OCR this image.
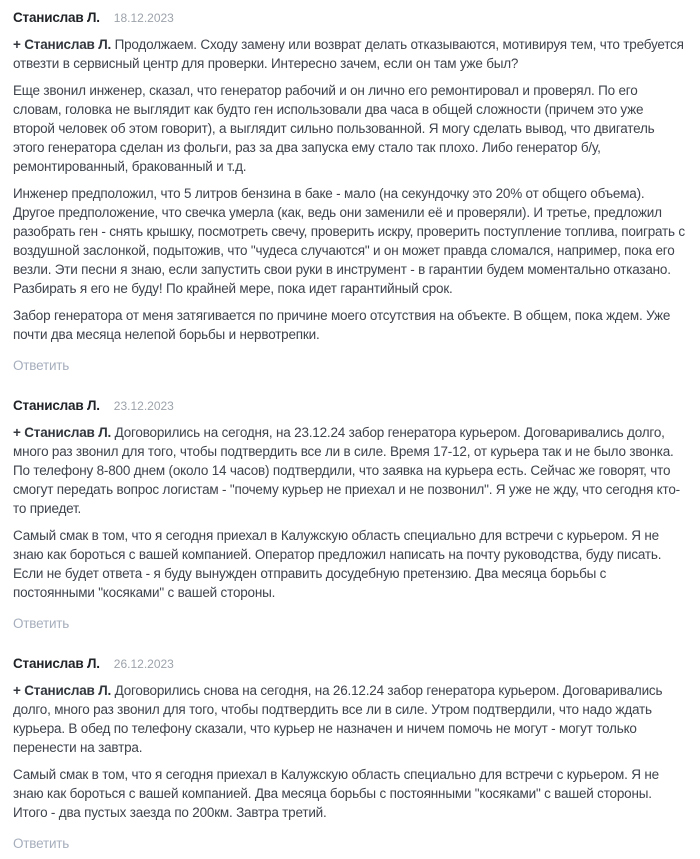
Станислав Л. 18.12.2023

+ Станислав Л. Продолжаем. Сходу замену или возврат делать отказываются, мотивируя тем, что требуется отвезти в сервисный центр для проверки. Интересно зачем, если он там уже был?

Еще звонил инженер, сказал, что генератор рабочий и он лично его ремонтировал и проверял. По его словам, головка не выглядит как будто ген использовали два часа в общей сложности (причем это уже второй человек об этом говорит), а выглядит сильно пользованной. Я могу сделать вывод, что двигатель этого генератора сделан из фольги, раз за два запуска ему стало так плохо. Либо генератор б/у, ремонтированный, бракованный и т.д.

Инженер предположил, что 5 литров бензина в баке - мало (на секундочку это 20% от общего объема). Другое предположение, что свечка умерла (как, ведь они заменили её и проверяли). И третье, предложил разобрать ген - снять крышку, посмотреть свечу, проверить искру, проверить поступление топлива, поиграть с воздушной заслонкой, подытожив, что "чудеса случаются" и он может правда сломался, например, пока его везли. Эти песни я знаю, если запустить свои руки в инструмент - в гарантии будем моментально отказано. Разбирать я его не буду! По крайней мере, пока идет гарантийный срок.

Забор генератора от меня затягивается по причине моего отсутствия на объекте. В общем, пока ждем. Уже почти два месяца нелепой борьбы и нервотрепки.

Ответить
Станислав Л. 23.12.2023

+ Станислав Л. Договорились на сегодня, на 23.12.24 забор генератора курьером. Договаривались долго, много раз звонил для того, чтобы подтвердить все ли в силе. Время 17-12, от курьера так и не было звонка. По телефону 8-800 днем (около 14 часов) подтвердили, что заявка на курьера есть. Сейчас же говорят, что смогут передать вопрос логистам - "почему курьер не приехал и не позвонил". Я уже не жду, что сегодня кто-то приедет.

Самый смак в том, что я сегодня приехал в Калужскую область специально для встречи с курьером. Я не знаю как бороться с вашей компанией. Оператор предложил написать на почту руководства, буду писать. Если не будет ответа - я буду вынужден отправить досудебную претензию. Два месяца борьбы с постоянными "косяками" с вашей стороны.

Ответить
Станислав Л. 26.12.2023

+ Станислав Л. Договорились снова на сегодня, на 26.12.24 забор генератора курьером. Договаривались долго, много раз звонил для того, чтобы подтвердить все ли в силе. Утром подтвердили, что надо ждать курьера. В обед по телефону сказали, что курьер не назначен и ничем помочь не могут - могут только перенести на завтра.

Самый смак в том, что я сегодня приехал в Калужскую область специально для встречи с курьером. Я не знаю как бороться с вашей компанией. Два месяца борьбы с постоянными "косяками" с вашей стороны. Итого - два пустых заезда по 200км. Завтра третий.

Ответить
